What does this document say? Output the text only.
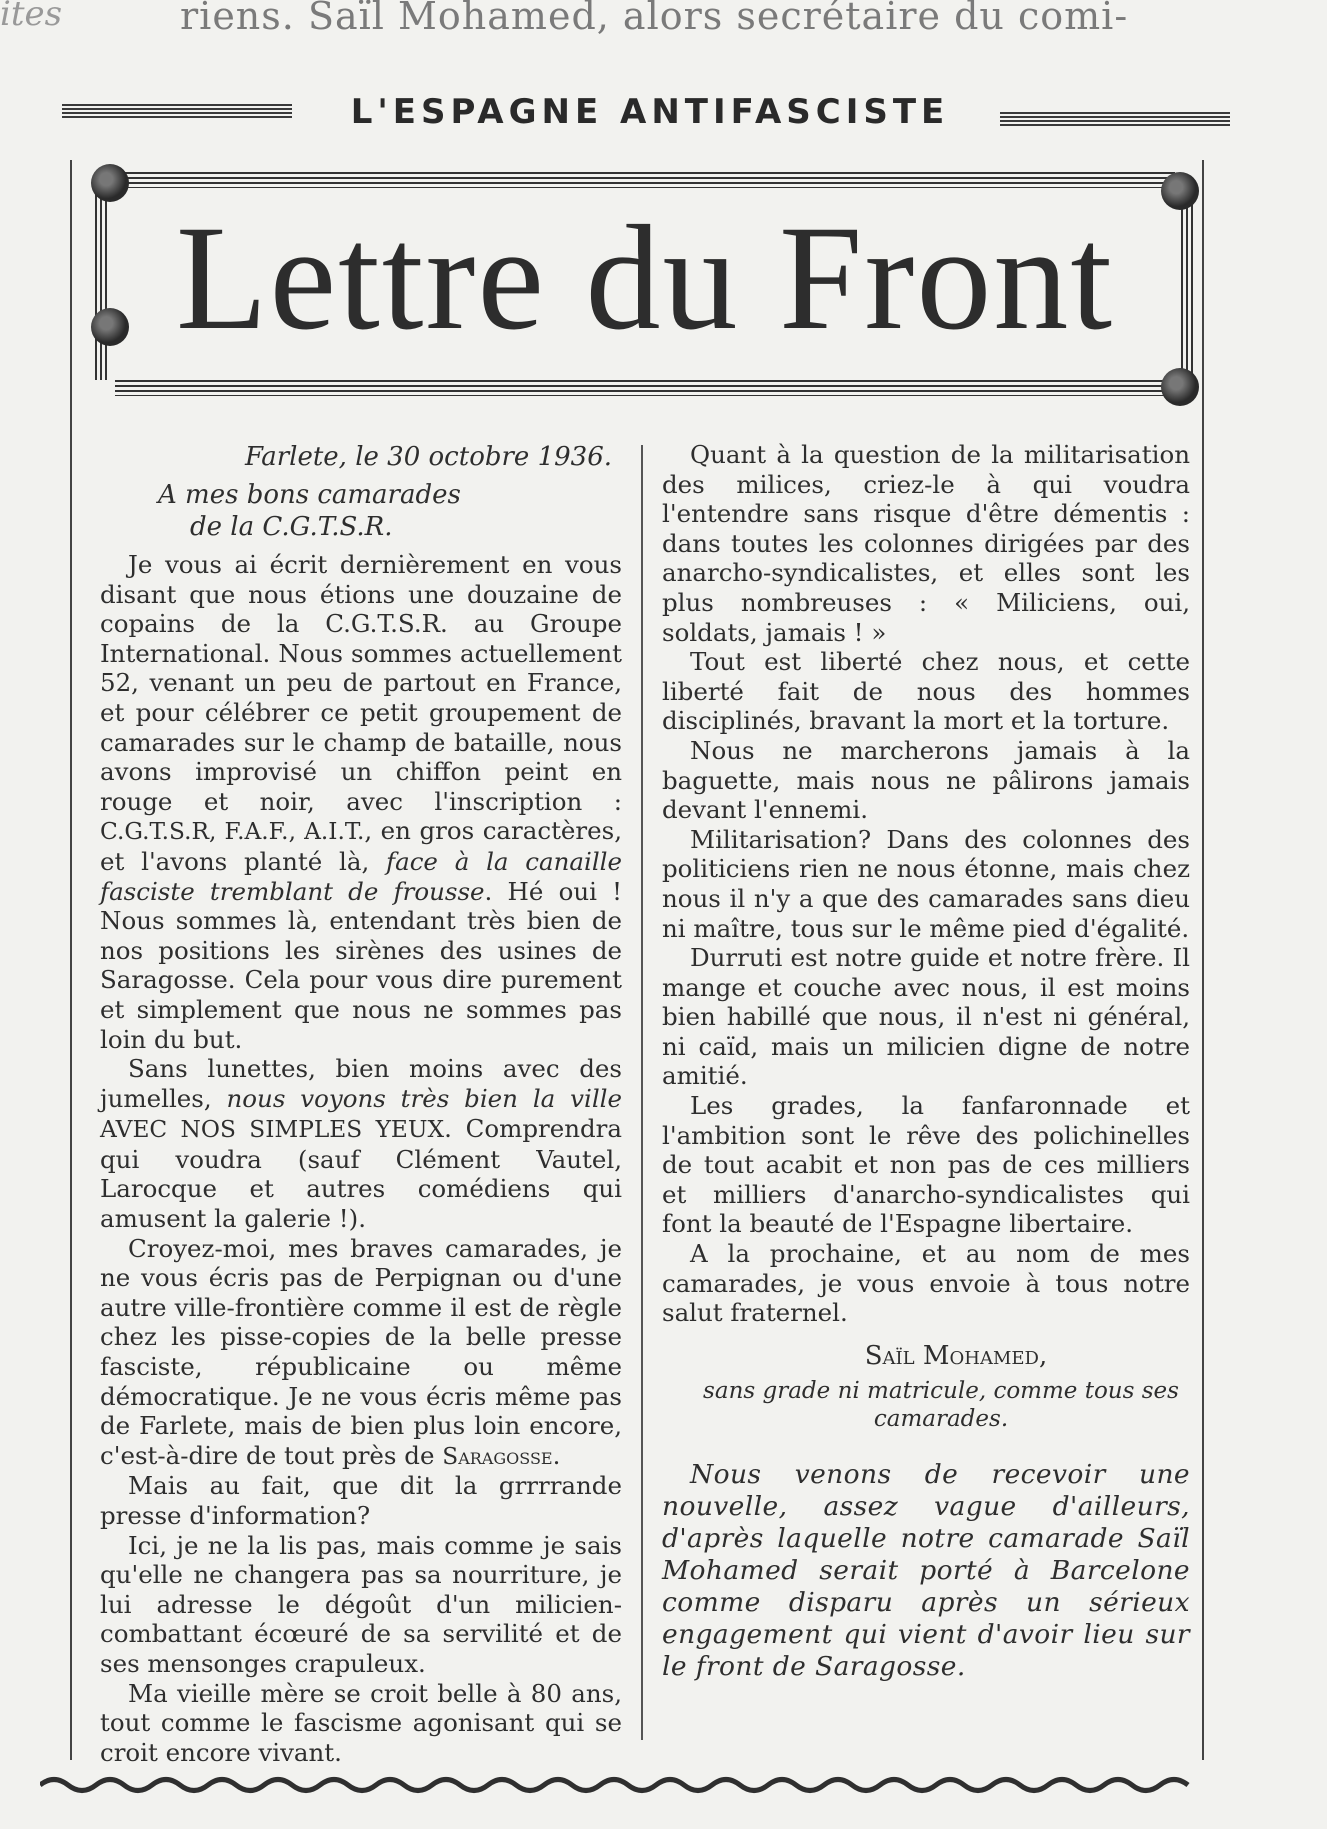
ites	riens. Saïl Mohamed, alors secrétaire du comi-
L'ESPAGNE ANTIFASCISTE
Lettre du Front
Farlete, le 30 octobre 1936.
A mes bons camarades
de la C.G.T.S.R.

Je vous ai écrit dernièrement en vous disant que nous étions une douzaine de copains de la C.G.T.S.R. au Groupe International. Nous sommes actuellement 52, venant un peu de partout en France, et pour célébrer ce petit groupement de camarades sur le champ de bataille, nous avons improvisé un chiffon peint en rouge et noir, avec l'inscription : C.G.T.S.R, F.A.F., A.I.T., en gros caractères, et l'avons planté là, face à la canaille fasciste tremblant de frousse. Hé oui ! Nous sommes là, entendant très bien de nos positions les sirènes des usines de Saragosse. Cela pour vous dire purement et simplement que nous ne sommes pas loin du but.

Sans lunettes, bien moins avec des jumelles, nous voyons très bien la ville AVEC NOS SIMPLES YEUX. Comprendra qui voudra (sauf Clément Vautel, Larocque et autres comédiens qui amusent la galerie !).

Croyez-moi, mes braves camarades, je ne vous écris pas de Perpignan ou d'une autre ville-frontière comme il est de règle chez les pisse-copies de la belle presse fasciste, républicaine ou même démocratique. Je ne vous écris même pas de Farlete, mais de bien plus loin encore, c'est-à-dire de tout près de Saragosse.

Mais au fait, que dit la grrrrande presse d'information?

Ici, je ne la lis pas, mais comme je sais qu'elle ne changera pas sa nourriture, je lui adresse le dégoût d'un milicien-combattant écœuré de sa servilité et de ses mensonges crapuleux.

Ma vieille mère se croit belle à 80 ans, tout comme le fascisme agonisant qui se croit encore vivant.

Quant à la question de la militarisation des milices, criez-le à qui voudra l'entendre sans risque d'être démentis : dans toutes les colonnes dirigées par des anarcho-syndicalistes, et elles sont les plus nombreuses : « Miliciens, oui, soldats, jamais ! »

Tout est liberté chez nous, et cette liberté fait de nous des hommes disciplinés, bravant la mort et la torture.

Nous ne marcherons jamais à la baguette, mais nous ne pâlirons jamais devant l'ennemi.

Militarisation? Dans des colonnes des politiciens rien ne nous étonne, mais chez nous il n'y a que des camarades sans dieu ni maître, tous sur le même pied d'égalité.

Durruti est notre guide et notre frère. Il mange et couche avec nous, il est moins bien habillé que nous, il n'est ni général, ni caïd, mais un milicien digne de notre amitié.

Les grades, la fanfaronnade et l'ambition sont le rêve des polichinelles de tout acabit et non pas de ces milliers et milliers d'anarcho-syndicalistes qui font la beauté de l'Espagne libertaire.

A la prochaine, et au nom de mes camarades, je vous envoie à tous notre salut fraternel.

Saïl Mohamed,
sans grade ni matricule, comme tous ses camarades.

Nous venons de recevoir une nouvelle, assez vague d'ailleurs, d'après laquelle notre camarade Saïl Mohamed serait porté à Barcelone comme disparu après un sérieux engagement qui vient d'avoir lieu sur le front de Saragosse.
